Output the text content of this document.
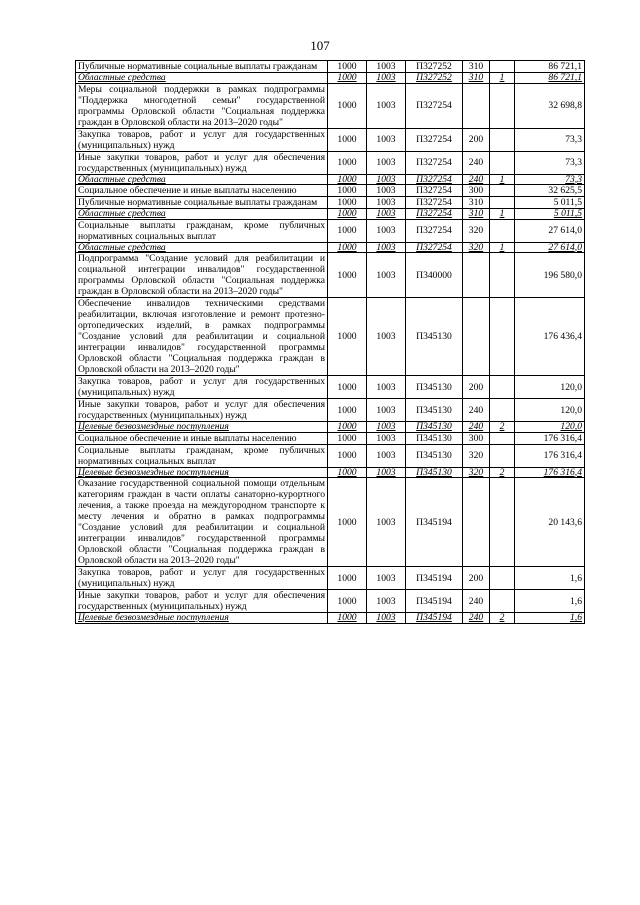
107
Публичные нормативные социальные выплаты гражданам	1000	1003	П327252	310		86 721,1
Областные средства	1000	1003	П327252	310	1	86 721,1
Меры социальной поддержки в рамках подпрограммы "Поддержка многодетной семьи" государственной программы Орловской области "Социальная поддержка граждан в Орловской области на 2013–2020 годы"	1000	1003	П327254			32 698,8
Закупка товаров, работ и услуг для государственных (муниципальных) нужд	1000	1003	П327254	200		73,3
Иные закупки товаров, работ и услуг для обеспечения государственных (муниципальных) нужд	1000	1003	П327254	240		73,3
Областные средства	1000	1003	П327254	240	1	73,3
Социальное обеспечение и иные выплаты населению	1000	1003	П327254	300		32 625,5
Публичные нормативные социальные выплаты гражданам	1000	1003	П327254	310		5 011,5
Областные средства	1000	1003	П327254	310	1	5 011,5
Социальные выплаты гражданам, кроме публичных нормативных социальных выплат	1000	1003	П327254	320		27 614,0
Областные средства	1000	1003	П327254	320	1	27 614,0
Подпрограмма "Создание условий для реабилитации и социальной интеграции инвалидов" государственной программы Орловской области "Социальная поддержка граждан в Орловской области на 2013–2020 годы"	1000	1003	П340000			196 580,0
Обеспечение инвалидов техническими средствами реабилитации, включая изготовление и ремонт протезно-ортопедических изделий, в рамках подпрограммы "Создание условий для реабилитации и социальной интеграции инвалидов" государственной программы Орловской области "Социальная поддержка граждан в Орловской области на 2013–2020 годы"	1000	1003	П345130			176 436,4
Закупка товаров, работ и услуг для государственных (муниципальных) нужд	1000	1003	П345130	200		120,0
Иные закупки товаров, работ и услуг для обеспечения государственных (муниципальных) нужд	1000	1003	П345130	240		120,0
Целевые безвозмездные поступления	1000	1003	П345130	240	2	120,0
Социальное обеспечение и иные выплаты населению	1000	1003	П345130	300		176 316,4
Социальные выплаты гражданам, кроме публичных нормативных социальных выплат	1000	1003	П345130	320		176 316,4
Целевые безвозмездные поступления	1000	1003	П345130	320	2	176 316,4
Оказание государственной социальной помощи отдельным категориям граждан в части оплаты санаторно-курортного лечения, а также проезда на междугородном транспорте к месту лечения и обратно в рамках подпрограммы "Создание условий для реабилитации и социальной интеграции инвалидов" государственной программы Орловской области "Социальная поддержка граждан в Орловской области на 2013–2020 годы"	1000	1003	П345194			20 143,6
Закупка товаров, работ и услуг для государственных (муниципальных) нужд	1000	1003	П345194	200		1,6
Иные закупки товаров, работ и услуг для обеспечения государственных (муниципальных) нужд	1000	1003	П345194	240		1,6
Целевые безвозмездные поступления	1000	1003	П345194	240	2	1,6
